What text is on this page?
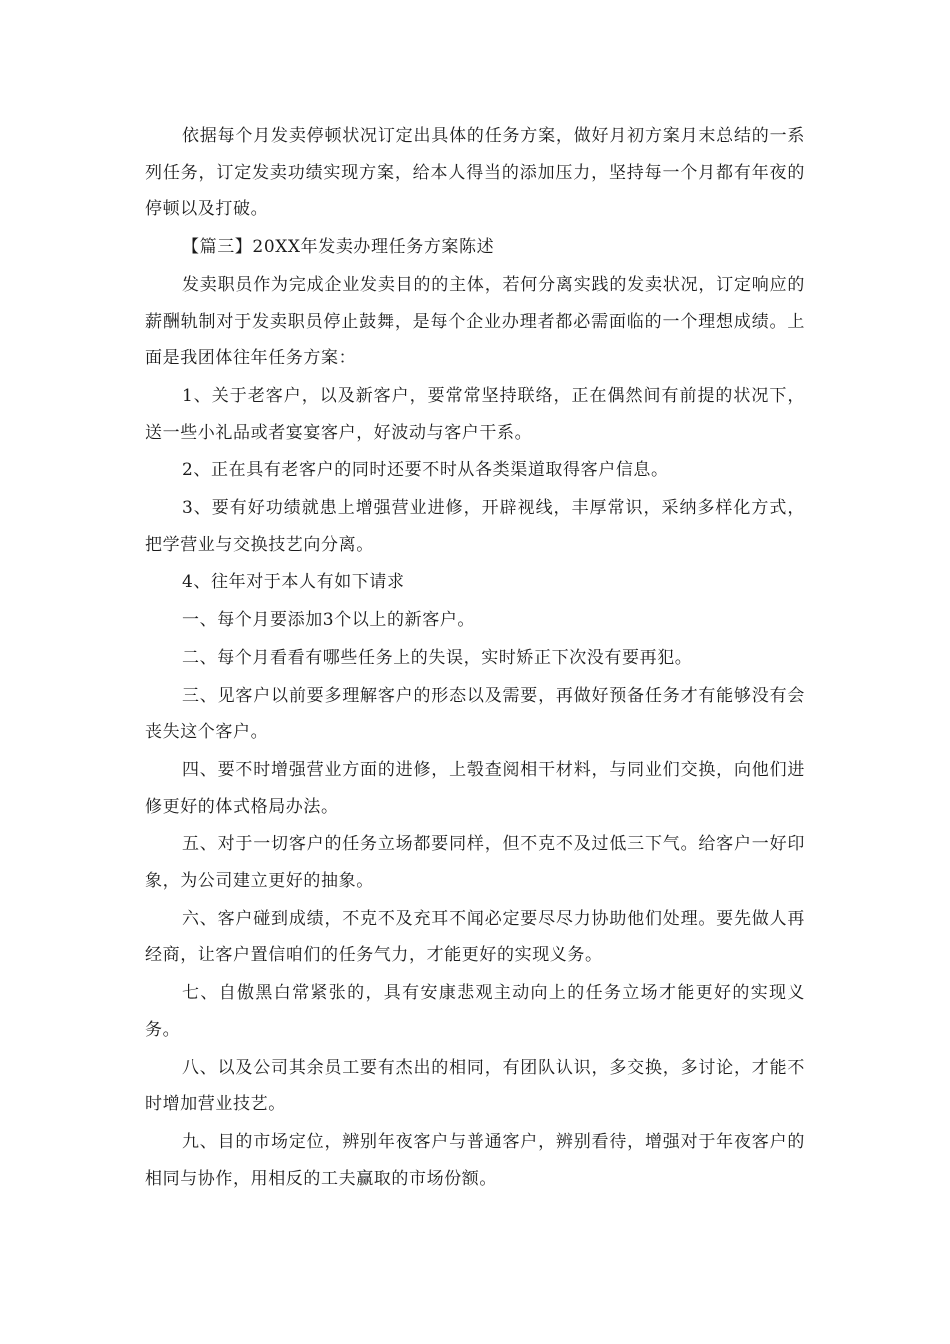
依据每个月发卖停顿状况订定出具体的任务方案，做好月初方案月末总结的一系列任务，订定发卖功绩实现方案，给本人得当的添加压力，坚持每一个月都有年夜的停顿以及打破。

【篇三】20XX年发卖办理任务方案陈述

发卖职员作为完成企业发卖目的的主体，若何分离实践的发卖状况，订定响应的薪酬轨制对于发卖职员停止鼓舞，是每个企业办理者都必需面临的一个理想成绩。上面是我团体往年任务方案：

1、关于老客户，以及新客户，要常常坚持联络，正在偶然间有前提的状况下，送一些小礼品或者宴宴客户，好波动与客户干系。

2、正在具有老客户的同时还要不时从各类渠道取得客户信息。

3、要有好功绩就患上增强营业进修，开辟视线，丰厚常识，采纳多样化方式，把学营业与交换技艺向分离。

4、往年对于本人有如下请求

一、每个月要添加3个以上的新客户。

二、每个月看看有哪些任务上的失误，实时矫正下次没有要再犯。

三、见客户以前要多理解客户的形态以及需要，再做好预备任务才有能够没有会丧失这个客户。

四、要不时增强营业方面的进修，上彀查阅相干材料，与同业们交换，向他们进修更好的体式格局办法。

五、对于一切客户的任务立场都要同样，但不克不及过低三下气。给客户一好印象，为公司建立更好的抽象。

六、客户碰到成绩，不克不及充耳不闻必定要尽尽力协助他们处理。要先做人再经商，让客户置信咱们的任务气力，才能更好的实现义务。

七、自傲黑白常紧张的，具有安康悲观主动向上的任务立场才能更好的实现义务。

八、以及公司其余员工要有杰出的相同，有团队认识，多交换，多讨论，才能不时增加营业技艺。

九、目的市场定位，辨别年夜客户与普通客户，辨别看待，增强对于年夜客户的相同与协作，用相反的工夫赢取的市场份额。
